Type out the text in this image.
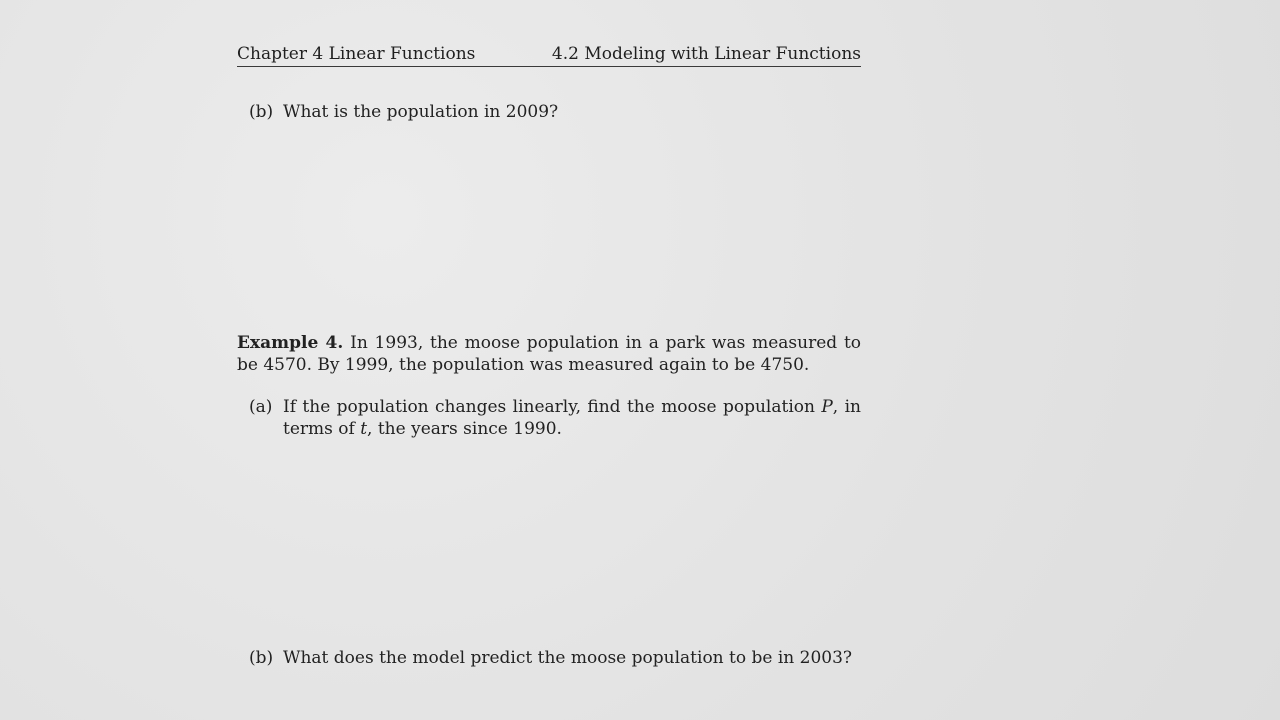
Chapter 4 Linear Functions	4.2 Modeling with Linear Functions
(b) What is the population in 2009?
Example 4. In 1993, the moose population in a park was measured to be 4570. By 1999, the population was measured again to be 4750.
(a) If the population changes linearly, find the moose population P, in terms of t, the years since 1990.
(b) What does the model predict the moose population to be in 2003?
